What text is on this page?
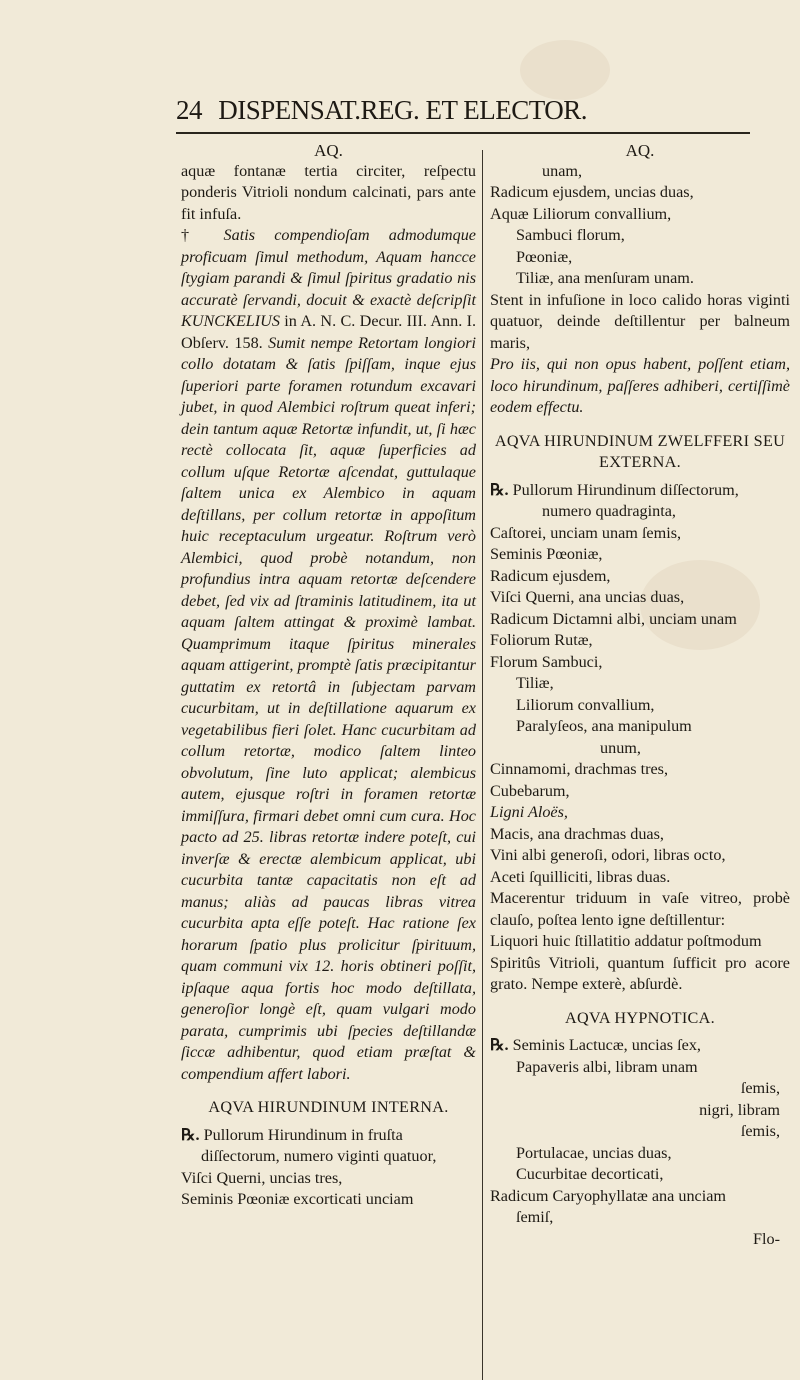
24 DISPENSAT.REG. ET ELECTOR.
AQ.

aquæ fontanæ tertia circiter, reſpectu ponderis Vitrioli nondum calcinati, pars ante fit infuſa.

† Satis compendioſam admodumque proficuam ſimul methodum, Aquam hancce ſtygiam parandi & ſimul ſpiritus gradatio nis accuratè ſervandi, docuit & exactè deſcripſit KUNCKELIUS in A. N. C. Decur. III. Ann. I. Obſerv. 158. Sumit nempe Retortam longiori collo dotatam & ſatis ſpiſſam, inque ejus ſuperiori parte foramen rotundum excavari jubet, in quod Alembici roſtrum queat inferi; dein tantum aquæ Retortæ infundit, ut, ſi hæc rectè collocata ſit, aquæ ſuperficies ad collum uſque Retortæ aſcendat, guttulaque ſaltem unica ex Alembico in aquam deſtillans, per collum retortæ in appoſitum huic receptaculum urgeatur. Roſtrum verò Alembici, quod probè notandum, non profundius intra aquam retortæ deſcendere debet, ſed vix ad ſtraminis latitudinem, ita ut aquam ſaltem attingat & proximè lambat. Quamprimum itaque ſpiritus minerales aquam attigerint, promptè ſatis præcipitantur guttatim ex retortâ in ſubjectam parvam cucurbitam, ut in deſtillatione aquarum ex vegetabilibus fieri ſolet. Hanc cucurbitam ad collum retortæ, modico ſaltem linteo obvolutum, ſine luto applicat; alembicus autem, ejusque roſtri in foramen retortæ immiſſura, firmari debet omni cum cura. Hoc pacto ad 25. libras retortæ indere poteſt, cui inverſæ & erectæ alembicum applicat, ubi cucurbita tantæ capacitatis non eſt ad manus; aliàs ad paucas libras vitrea cucurbita apta eſſe poteſt. Hac ratione ſex horarum ſpatio plus prolicitur ſpirituum, quam communi vix 12. horis obtineri poſſit, ipſaque aqua fortis hoc modo deſtillata, generoſior longè eſt, quam vulgari modo parata, cumprimis ubi ſpecies deſtillandæ ſiccæ adhibentur, quod etiam præſtat & compendium affert labori.

AQVA HIRUNDINUM INTERNA.

℞. Pullorum Hirundinum in fruſta diſſectorum, numero viginti quatuor,

Viſci Querni, uncias tres,

Seminis Pœoniæ excorticati unciam

AQ.

unam,

Radicum ejusdem, uncias duas,

Aquæ Liliorum convallium,

Sambuci florum,

Pœoniæ,

Tiliæ, ana menſuram unam.

Stent in infuſione in loco calido horas viginti quatuor, deinde deſtillentur per balneum maris,

Pro iis, qui non opus habent, poſſent etiam, loco hirundinum, paſſeres adhiberi, certiſſimè eodem effectu.

AQVA HIRUNDINUM ZWELFFERI SEU EXTERNA.

℞. Pullorum Hirundinum diſſectorum,

numero quadraginta,

Caſtorei, unciam unam ſemis,

Seminis Pœoniæ,

Radicum ejusdem,

Viſci Querni, ana uncias duas,

Radicum Dictamni albi, unciam unam

Foliorum Rutæ,

Florum Sambuci,

Tiliæ,

Liliorum convallium,

Paralyſeos, ana manipulum

unum,

Cinnamomi, drachmas tres,

Cubebarum,

Ligni Aloës,

Macis, ana drachmas duas,

Vini albi generoſi, odori, libras octo,

Aceti ſquilliciti, libras duas.

Macerentur triduum in vaſe vitreo, probè clauſo, poſtea lento igne deſtillentur:

Liquori huic ſtillatitio addatur poſtmodum

Spiritûs Vitrioli, quantum ſufficit pro acore grato. Nempe exterè, abſurdè.

AQVA HYPNOTICA.

℞. Seminis Lactucæ, uncias ſex,

Papaveris albi, libram unam

ſemis,

nigri, libram

ſemis,

Portulacae, uncias duas,

Cucurbitae decorticati,

Radicum Caryophyllatæ ana unciam

ſemiſ,

Flo-
